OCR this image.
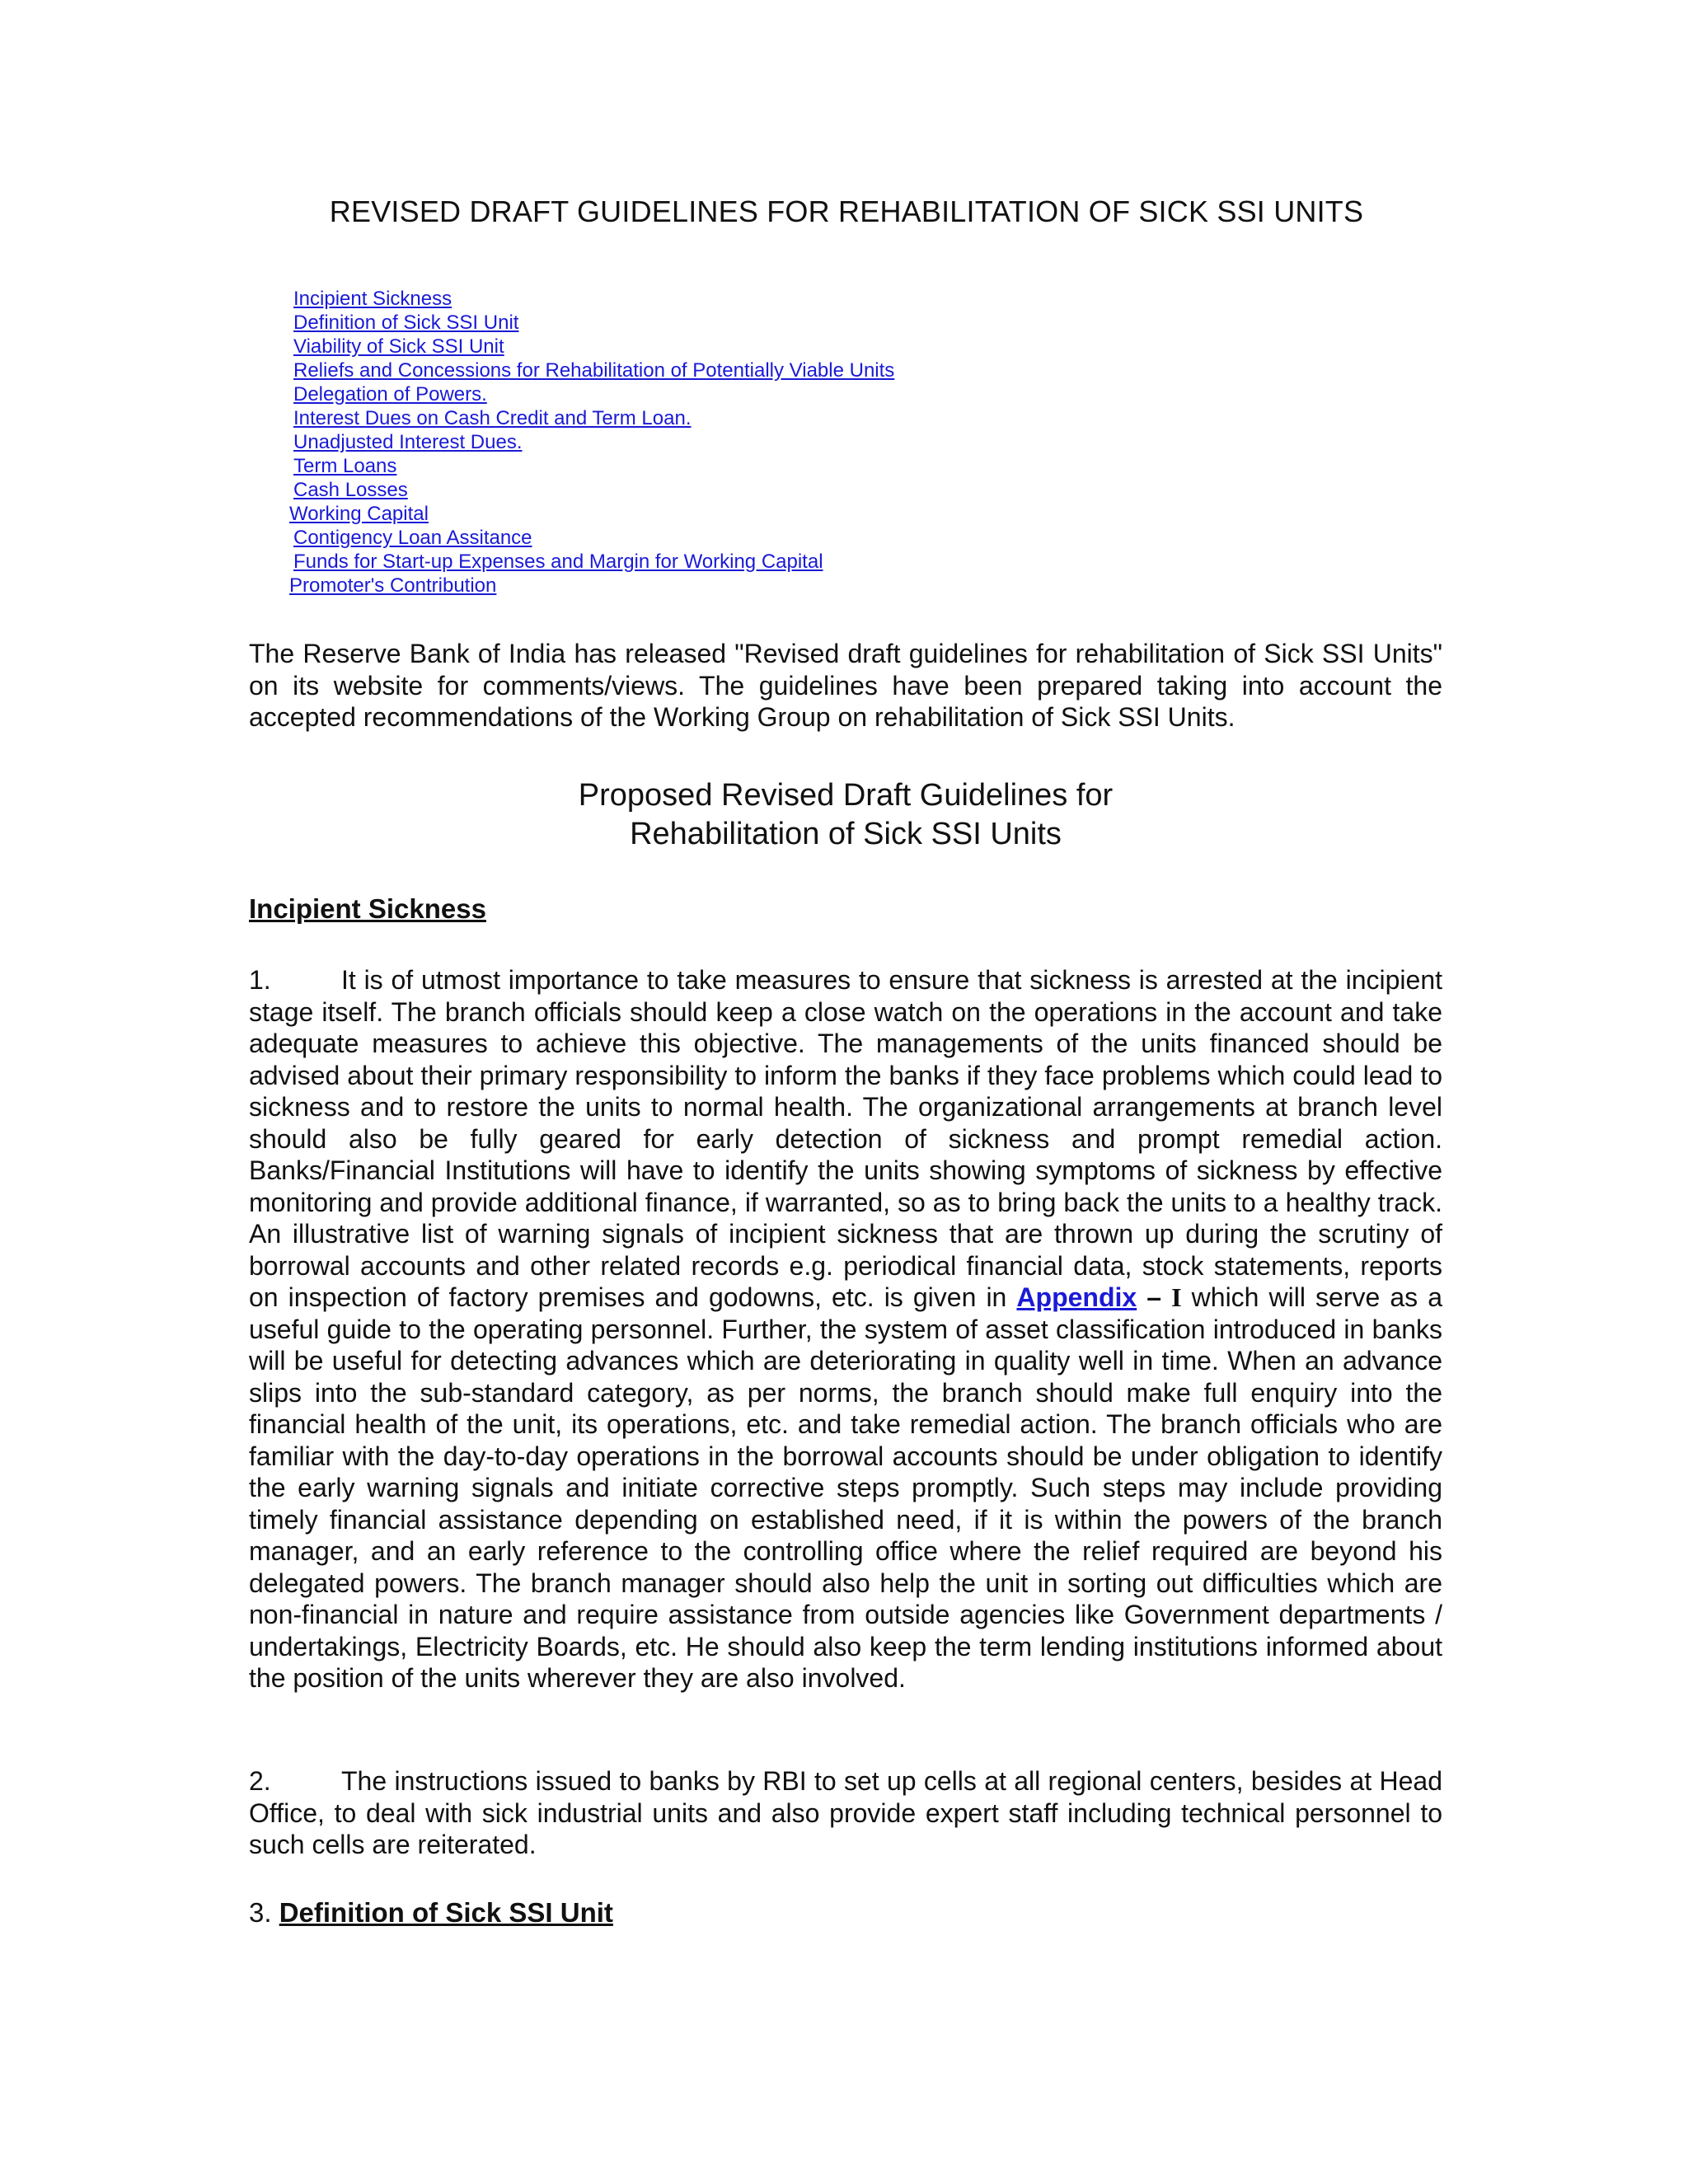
REVISED DRAFT GUIDELINES FOR REHABILITATION OF SICK SSI UNITS
Incipient Sickness
Definition of Sick SSI Unit
Viability of Sick SSI Unit
Reliefs and Concessions for Rehabilitation of Potentially Viable Units
Delegation of Powers.
Interest Dues on Cash Credit and Term Loan.
Unadjusted Interest Dues.
Term Loans
Cash Losses
Working Capital
Contigency Loan Assitance
Funds for Start-up Expenses and Margin for Working Capital
Promoter's Contribution

The Reserve Bank of India has released "Revised draft guidelines for rehabilitation of Sick SSI Units" on its website for comments/views. The guidelines have been prepared taking into account the accepted recommendations of the Working Group on rehabilitation of Sick SSI Units.

Proposed Revised Draft Guidelines for
Rehabilitation of Sick SSI Units
Incipient Sickness

1.	It is of utmost importance to take measures to ensure that sickness is arrested at the incipient stage itself. The branch officials should keep a close watch on the operations in the account and take adequate measures to achieve this objective. The managements of the units financed should be advised about their primary responsibility to inform the banks if they face problems which could lead to sickness and to restore the units to normal health. The organizational arrangements at branch level should also be fully geared for early detection of sickness and prompt remedial action. Banks/Financial Institutions will have to identify the units showing symptoms of sickness by effective monitoring and provide additional finance, if warranted, so as to bring back the units to a healthy track. An illustrative list of warning signals of incipient sickness that are thrown up during the scrutiny of borrowal accounts and other related records e.g. periodical financial data, stock statements, reports on inspection of factory premises and godowns, etc. is given in Appendix – I which will serve as a useful guide to the operating personnel. Further, the system of asset classification introduced in banks will be useful for detecting advances which are deteriorating in quality well in time. When an advance slips into the sub-standard category, as per norms, the branch should make full enquiry into the financial health of the unit, its operations, etc. and take remedial action. The branch officials who are familiar with the day-to-day operations in the borrowal accounts should be under obligation to identify the early warning signals and initiate corrective steps promptly. Such steps may include providing timely financial assistance depending on established need, if it is within the powers of the branch manager, and an early reference to the controlling office where the relief required are beyond his delegated powers. The branch manager should also help the unit in sorting out difficulties which are non-financial in nature and require assistance from outside agencies like Government departments / undertakings, Electricity Boards, etc. He should also keep the term lending institutions informed about the position of the units wherever they are also involved.

2.	The instructions issued to banks by RBI to set up cells at all regional centers, besides at Head Office, to deal with sick industrial units and also provide expert staff including technical personnel to such cells are reiterated.

3. Definition of Sick SSI Unit
